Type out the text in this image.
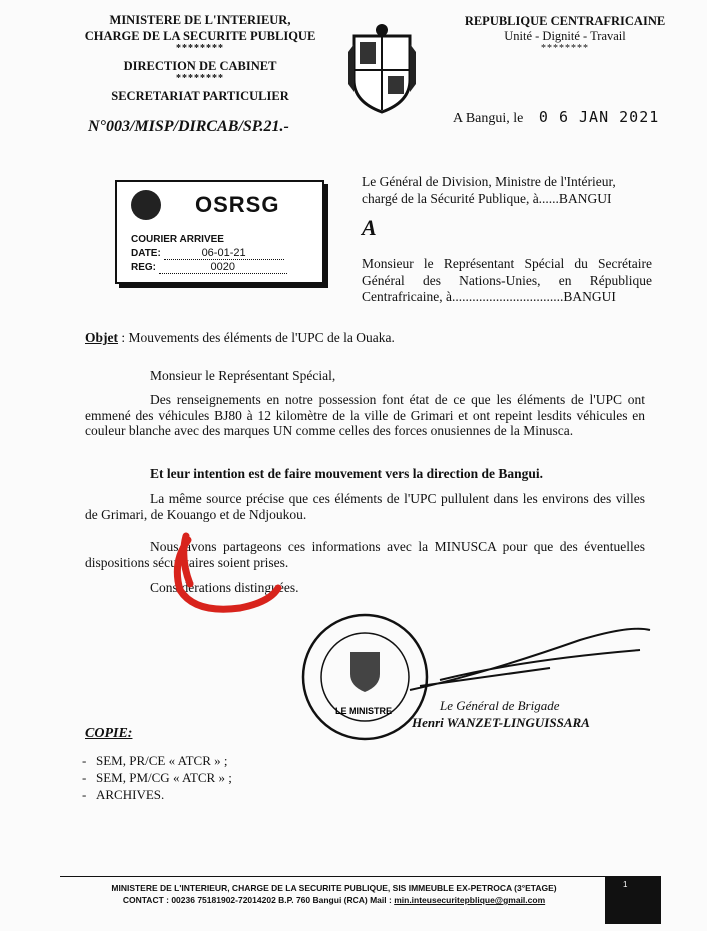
MINISTERE DE L'INTERIEUR,
CHARGE DE LA SECURITE PUBLIQUE
********
DIRECTION DE CABINET
********
SECRETARIAT PARTICULIER
REPUBLIQUE CENTRAFRICAINE
Unité - Dignité - Travail
********
N°003/MISP/DIRCAB/SP.21.-	A Bangui, le 0 6 JAN 2021
OSRSG
COURIER ARRIVEE
DATE:	06-01-21
REG:	0020
Le Général de Division, Ministre de l'Intérieur, chargé de la Sécurité Publique, à......BANGUI
A
Monsieur le Représentant Spécial du Secrétaire Général des Nations-Unies, en République Centrafricaine, à.................................BANGUI
Objet : Mouvements des éléments de l'UPC de la Ouaka.
Monsieur le Représentant Spécial,
Des renseignements en notre possession font état de ce que les éléments de l'UPC ont emmené des véhicules BJ80 à 12 kilomètre de la ville de Grimari et ont repeint lesdits véhicules en couleur blanche avec des marques UN comme celles des forces onusiennes de la Minusca.
Et leur intention est de faire mouvement vers la direction de Bangui.
La même source précise que ces éléments de l'UPC pullulent dans les environs des villes de Grimari, de Kouango et de Ndjoukou.
Nous avons partageons ces informations avec la MINUSCA pour que des éventuelles dispositions sécuritaires soient prises.
Considérations distinguées.
LE MINISTRE	Le Général de Brigade
Henri WANZET-LINGUISSARA
COPIE:
- SEM, PR/CE « ATCR » ;
- SEM, PM/CG « ATCR » ;
- ARCHIVES.
MINISTERE DE L'INTERIEUR, CHARGE DE LA SECURITE PUBLIQUE, SIS IMMEUBLE EX-PETROCA (3°ETAGE)
CONTACT : 00236 75181902-72014202 B.P. 760 Bangui (RCA) Mail : min.inteusecuritepblique@gmail.com
1
